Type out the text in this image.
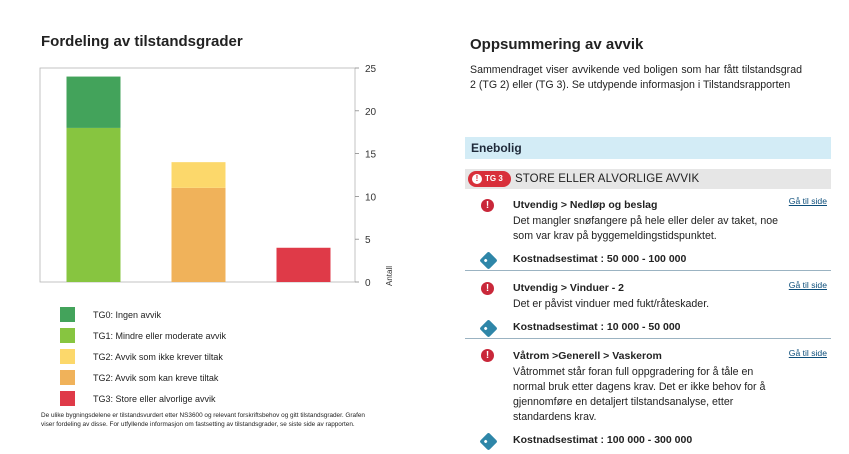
Fordeling av tilstandsgrader
0
5
10
15
20
25
Antall
TG0: Ingen avvik
TG1: Mindre eller moderate avvik
TG2: Avvik som ikke krever tiltak
TG2: Avvik som kan kreve tiltak
TG3: Store eller alvorlige avvik
De ulike bygningsdelene er tilstandsvurdert etter NS3600 og relevant forskriftsbehov og gitt tilstandsgrader. Grafen viser fordeling av disse. For utfyllende informasjon om fastsetting av tilstandsgrader, se siste side av rapporten.
Oppsummering av avvik
Sammendraget viser avvikende ved boligen som har fått tilstandsgrad 2 (TG 2) eller (TG 3). Se utdypende informasjon i Tilstandsrapporten
Enebolig
! TG 3 STORE ELLER ALVORLIGE AVVIK
!	Utvendig > Nedløp og beslag	Gå til side
Det mangler snøfangere på hele eller deler av taket, noe som var krav på byggemeldingstidspunktet.
Kostnadsestimat : 50 000 - 100 000
!	Utvendig > Vinduer - 2	Gå til side
Det er påvist vinduer med fukt/råteskader.
Kostnadsestimat : 10 000 - 50 000
!	Våtrom >Generell > Vaskerom	Gå til side
Våtrommet står foran full oppgradering for å tåle en normal bruk etter dagens krav. Det er ikke behov for å gjennomføre en detaljert tilstandsanalyse, etter standardens krav.
Kostnadsestimat : 100 000 - 300 000
